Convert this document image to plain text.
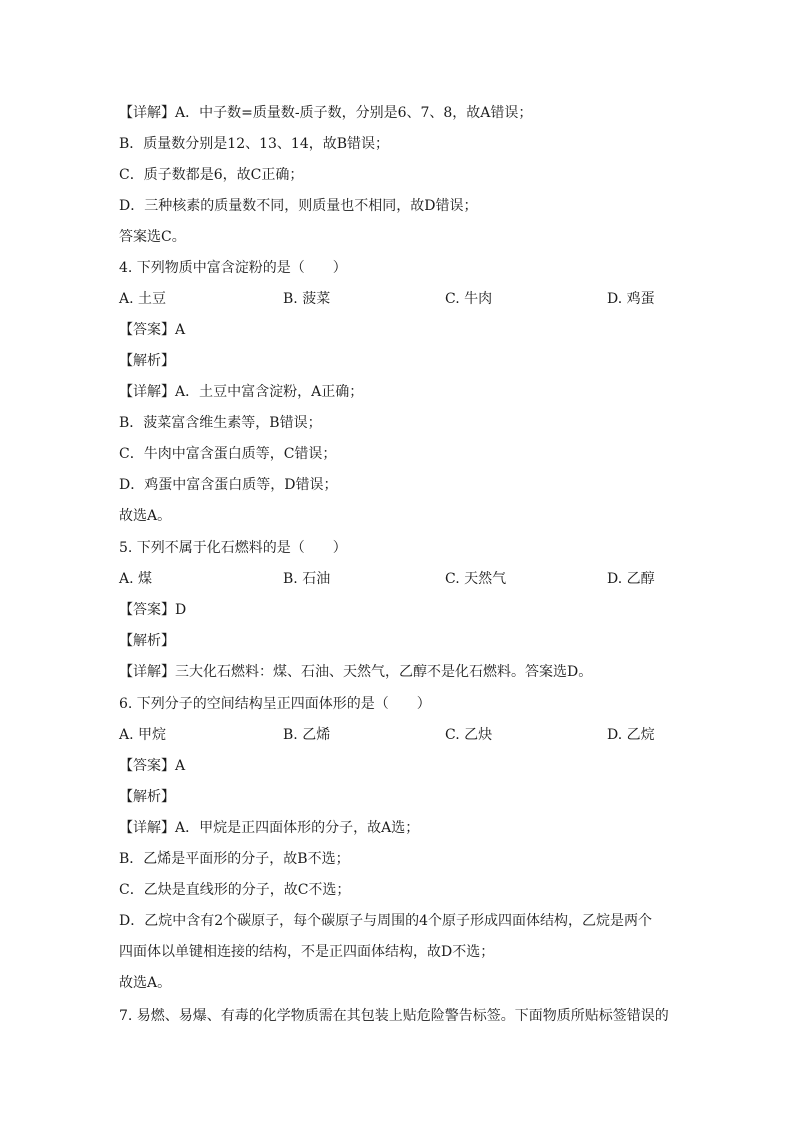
【详解】A．中子数=质量数-质子数，分别是6、7、8，故A错误；
B．质量数分别是12、13、14，故B错误；
C．质子数都是6，故C正确；
D．三种核素的质量数不同，则质量也不相同，故D错误；
答案选C。
4. 下列物质中富含淀粉的是（　　）
A. 土豆	B. 菠菜	C. 牛肉	D. 鸡蛋
【答案】A
【解析】
【详解】A．土豆中富含淀粉，A正确；
B．菠菜富含维生素等，B错误；
C．牛肉中富含蛋白质等，C错误；
D．鸡蛋中富含蛋白质等，D错误；
故选A。
5. 下列不属于化石燃料的是（　　）
A. 煤	B. 石油	C. 天然气	D. 乙醇
【答案】D
【解析】
【详解】三大化石燃料：煤、石油、天然气，乙醇不是化石燃料。答案选D。
6. 下列分子的空间结构呈正四面体形的是（　　）
A. 甲烷	B. 乙烯	C. 乙炔	D. 乙烷
【答案】A
【解析】
【详解】A．甲烷是正四面体形的分子，故A选；
B．乙烯是平面形的分子，故B不选；
C．乙炔是直线形的分子，故C不选；
D．乙烷中含有2个碳原子，每个碳原子与周围的4个原子形成四面体结构，乙烷是两个
四面体以单键相连接的结构，不是正四面体结构，故D不选；
故选A。
7. 易燃、易爆、有毒的化学物质需在其包装上贴危险警告标签。下面物质所贴标签错误的
